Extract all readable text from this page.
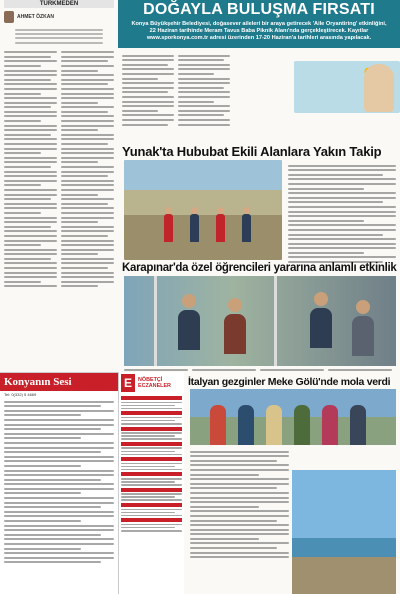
TÜRKMEDEN
AHMET ÖZKAN	DOĞAYLA BULUŞMA FIRSATI
Konya Büyükşehir Belediyesi, doğasever aileleri bir araya getirecek 'Aile Oryantiring' etkinliğini, 22 Haziran tarihinde Meram Tavus Baba Piknik Alanı'nda gerçekleştirecek. Kayıtlar www.sporkonya.com.tr adresi üzerinden 17-20 Haziran'a tarihleri arasında yapılacak.
Yunak'ta Hububat Ekili Alanlara Yakın Takip
Karapınar'da özel öğrencileri yararına anlamlı etkinlik
Konyanın Sesi
Tel: 0(332) 5 4669
E	NÖBETÇİ
ECZANELER İtalyan gezginler Meke Gölü'nde mola verdi
